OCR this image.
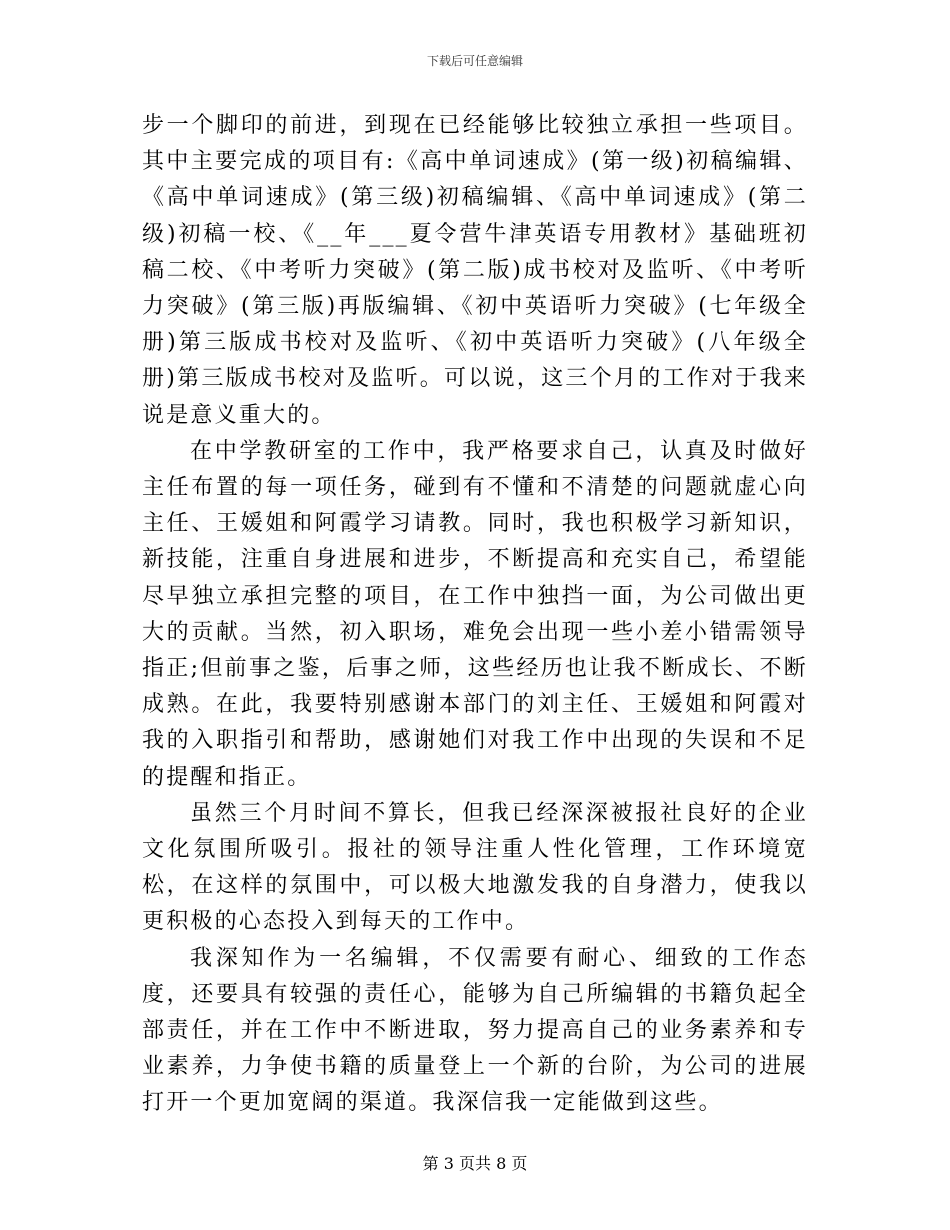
下载后可任意编辑

步一个脚印的前进，到现在已经能够比较独立承担一些项目。其中主要完成的项目有:《高中单词速成》(第一级)初稿编辑、《高中单词速成》(第三级)初稿编辑、《高中单词速成》(第二级)初稿一校、《__年___夏令营牛津英语专用教材》基础班初稿二校、《中考听力突破》(第二版)成书校对及监听、《中考听力突破》(第三版)再版编辑、《初中英语听力突破》(七年级全册)第三版成书校对及监听、《初中英语听力突破》(八年级全册)第三版成书校对及监听。可以说，这三个月的工作对于我来说是意义重大的。

在中学教研室的工作中，我严格要求自己，认真及时做好主任布置的每一项任务，碰到有不懂和不清楚的问题就虚心向主任、王媛姐和阿霞学习请教。同时，我也积极学习新知识，新技能，注重自身进展和进步，不断提高和充实自己，希望能尽早独立承担完整的项目，在工作中独挡一面，为公司做出更大的贡献。当然，初入职场，难免会出现一些小差小错需领导指正;但前事之鉴，后事之师，这些经历也让我不断成长、不断成熟。在此，我要特别感谢本部门的刘主任、王媛姐和阿霞对我的入职指引和帮助，感谢她们对我工作中出现的失误和不足的提醒和指正。

虽然三个月时间不算长，但我已经深深被报社良好的企业文化氛围所吸引。报社的领导注重人性化管理，工作环境宽松，在这样的氛围中，可以极大地激发我的自身潜力，使我以更积极的心态投入到每天的工作中。

我深知作为一名编辑，不仅需要有耐心、细致的工作态度，还要具有较强的责任心，能够为自己所编辑的书籍负起全部责任，并在工作中不断进取，努力提高自己的业务素养和专业素养，力争使书籍的质量登上一个新的台阶，为公司的进展打开一个更加宽阔的渠道。我深信我一定能做到这些。

第 3 页共 8 页
